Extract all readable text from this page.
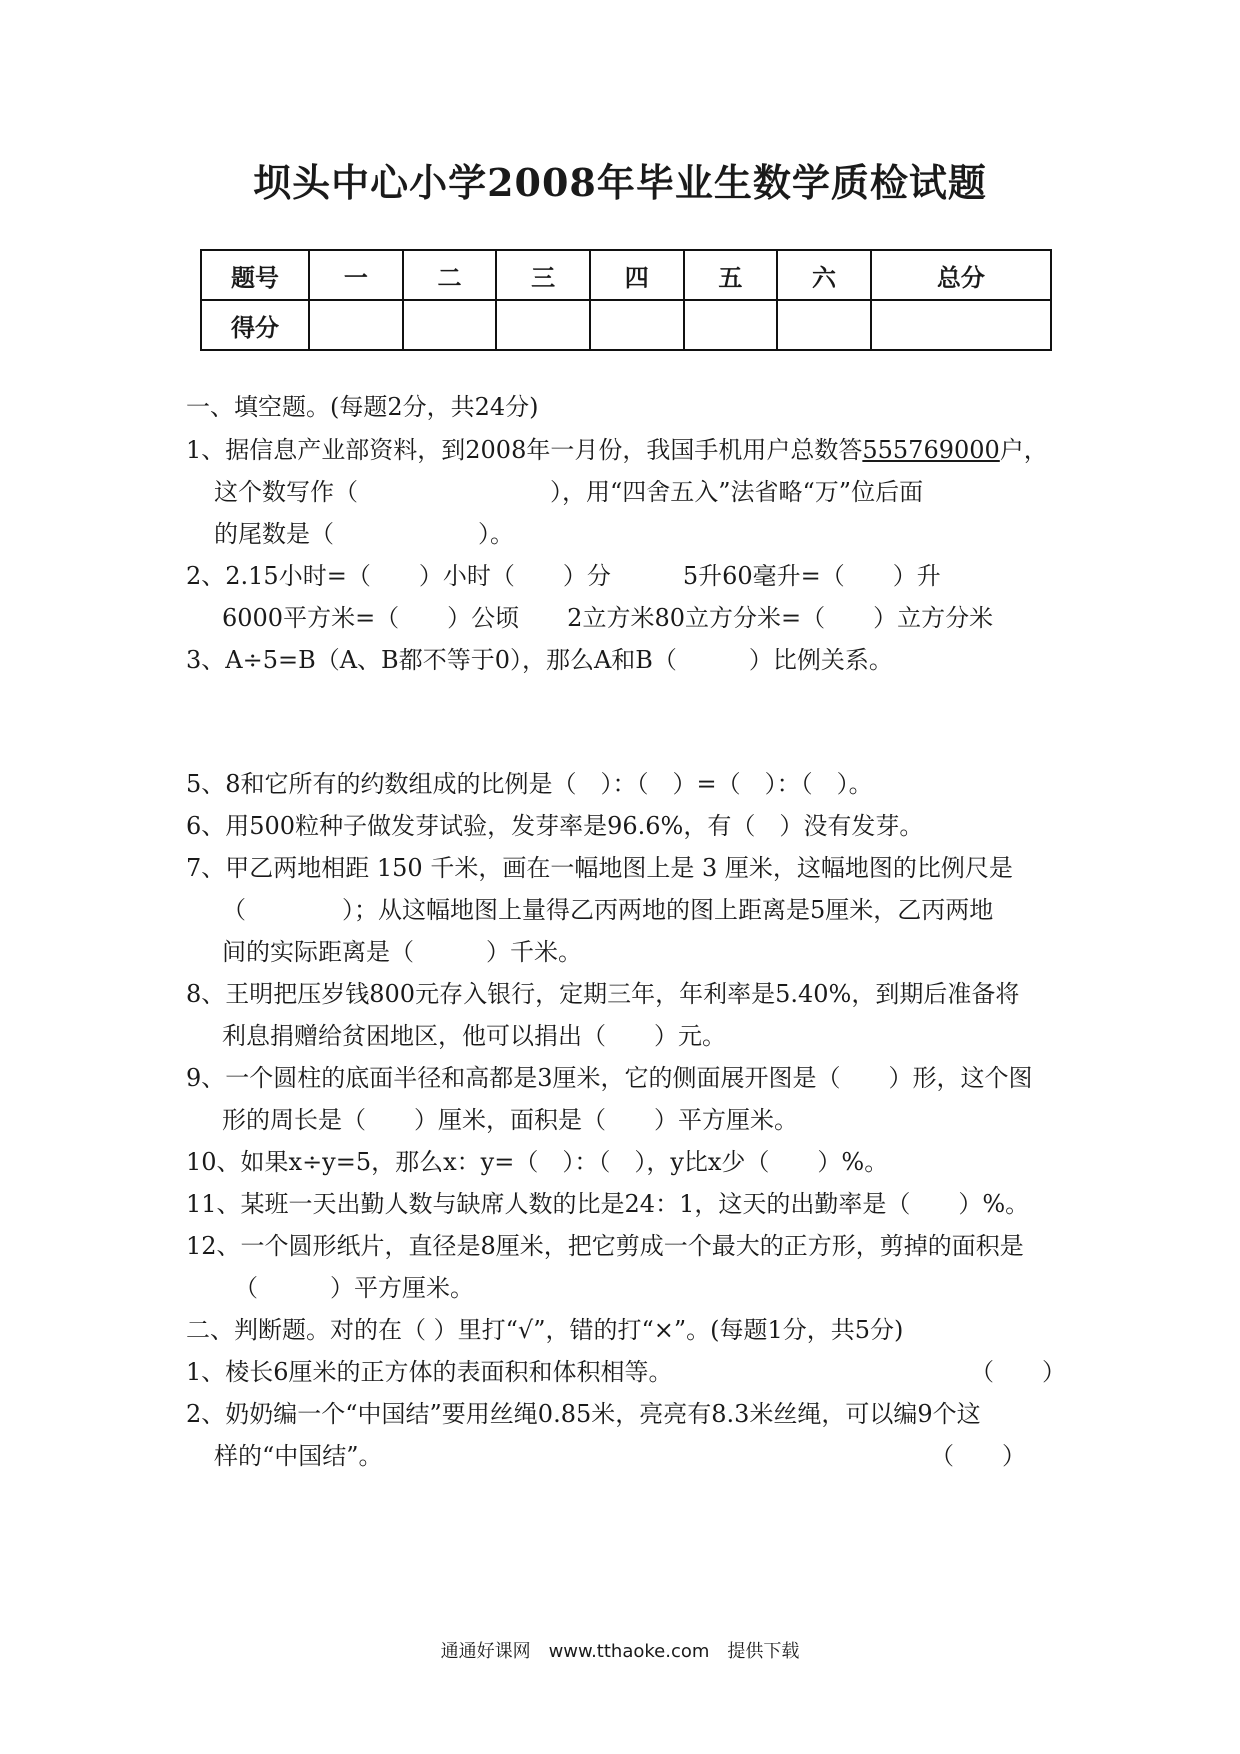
坝头中心小学2008年毕业生数学质检试题
题号	一	二	三	四	五	六	总分
得分							
一、填空题。(每题2分，共24分)
1、据信息产业部资料，到2008年一月份，我国手机用户总数答555769000户，
这个数写作（　　　　　　　　），用“四舍五入”法省略“万”位后面
的尾数是（　　　　　　）。
2、2.15小时=（　　）小时（　　）分　　　5升60毫升=（　　）升
6000平方米=（　　）公顷　　2立方米80立方分米=（　　）立方分米
3、A÷5=B（A、B都不等于0），那么A和B（　　　）比例关系。
5、8和它所有的约数组成的比例是（　）：（　）=（　）：（　）。
6、用500粒种子做发芽试验，发芽率是96.6%，有（　）没有发芽。
7、甲乙两地相距 150 千米，画在一幅地图上是 3 厘米，这幅地图的比例尺是
（　　　　）；从这幅地图上量得乙丙两地的图上距离是5厘米，乙丙两地
间的实际距离是（　　　）千米。
8、王明把压岁钱800元存入银行，定期三年，年利率是5.40%，到期后准备将
利息捐赠给贫困地区，他可以捐出（　　）元。
9、一个圆柱的底面半径和高都是3厘米，它的侧面展开图是（　　）形，这个图
形的周长是（　　）厘米，面积是（　　）平方厘米。
10、如果x÷y=5，那么x：y=（　）：（　），y比x少（　　）%。
11、某班一天出勤人数与缺席人数的比是24：1，这天的出勤率是（　　）%。
12、一个圆形纸片，直径是8厘米，把它剪成一个最大的正方形，剪掉的面积是
（　　　）平方厘米。
二、判断题。对的在（ ）里打“√”，错的打“×”。(每题1分，共5分)
1、棱长6厘米的正方体的表面积和体积相等。	（　　）
2、奶奶编一个“中国结”要用丝绳0.85米，亮亮有8.3米丝绳，可以编9个这
样的“中国结”。	（　　）
通通好课网　www.tthaoke.com　提供下载
